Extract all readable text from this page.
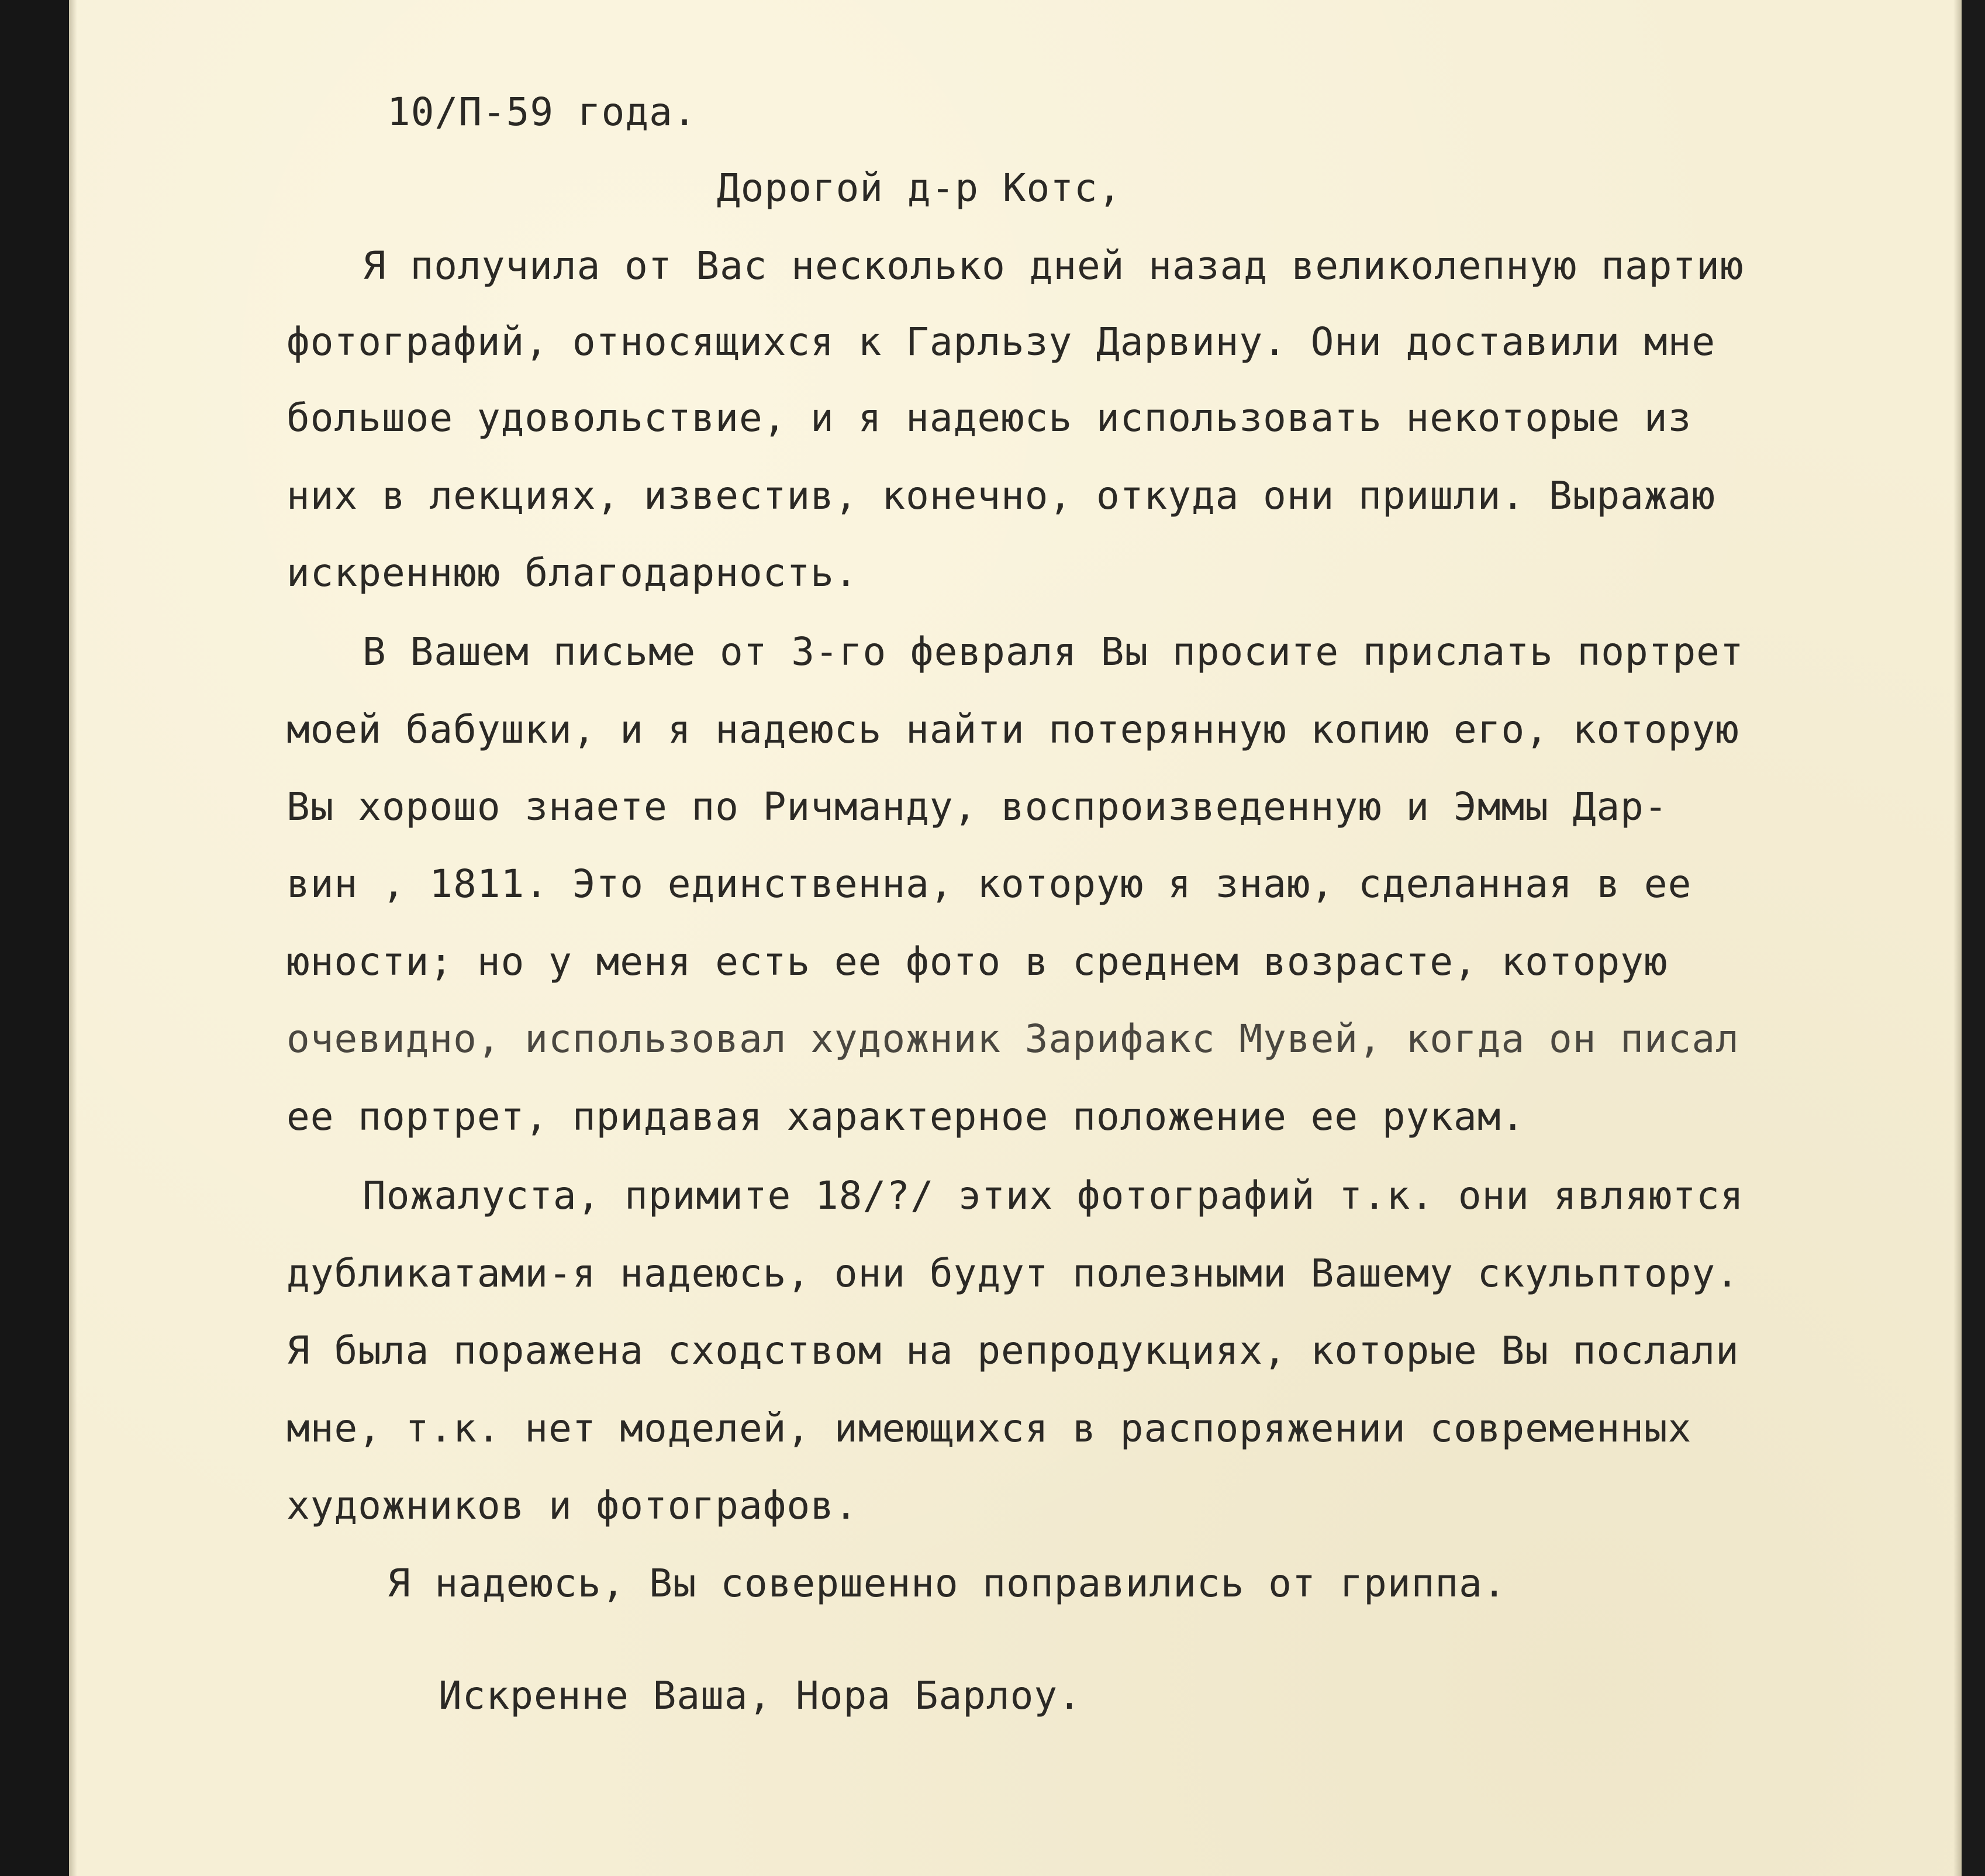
10/П-59 года.

Дорогой д-р Котс,

Я получила от Вас несколько дней назад великолепную партию

фотографий, относящихся к Гарльзу Дарвину. Они доставили мне

большое удовольствие, и я надеюсь использовать некоторые из

них в лекциях, известив, конечно, откуда они пришли. Выражаю

искреннюю благодарность.

В Вашем письме от 3-го февраля Вы просите прислать портрет

моей бабушки, и я надеюсь найти потерянную копию его, которую

Вы хорошо знаете по Ричманду, воспроизведенную и Эммы Дар-

вин , 1811. Это единственна, которую я знаю, сделанная в ее

юности; но у меня есть ее фото в среднем возрасте, которую

очевидно, использовал художник Зарифакс Мувей, когда он писал

ее портрет, придавая характерное положение ее рукам.

Пожалуста, примите 18/?/ этих фотографий т.к. они являются

дубликатами-я надеюсь, они будут полезными Вашему скульптору.

Я была поражена сходством на репродукциях, которые Вы послали

мне, т.к. нет моделей, имеющихся в распоряжении современных

художников и фотографов.

Я надеюсь, Вы совершенно поправились от гриппа.

Искренне Ваша, Нора Барлоу.
